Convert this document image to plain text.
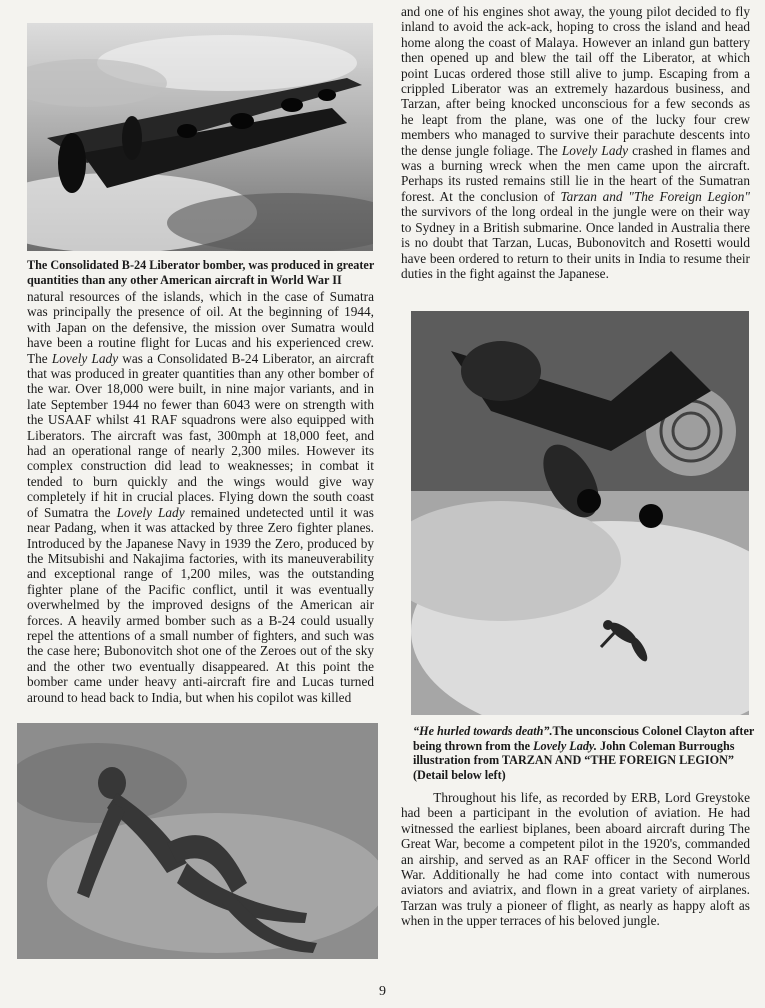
The Consolidated B-24 Liberator bomber, was produced in greater
quantities than any other American aircraft in World War II

natural resources of the islands, which in the case of Sumatra
was principally the presence of oil. At the beginning of 1944,
with Japan on the defensive, the mission over Sumatra would
have been a routine flight for Lucas and his experienced crew.
The Lovely Lady was a Consolidated B-24 Liberator, an aircraft
that was produced in greater quantities than any other bomber of
the war. Over 18,000 were built, in nine major variants, and in
late September 1944 no fewer than 6043 were on strength with
the USAAF whilst 41 RAF squadrons were also equipped with
Liberators. The aircraft was fast, 300mph at 18,000 feet, and
had an operational range of nearly 2,300 miles. However its
complex construction did lead to weaknesses; in combat it
tended to burn quickly and the wings would give way
completely if hit in crucial places. Flying down the south coast
of Sumatra the Lovely Lady remained undetected until it was
near Padang, when it was attacked by three Zero fighter planes.
Introduced by the Japanese Navy in 1939 the Zero, produced by
the Mitsubishi and Nakajima factories, with its maneuverability
and exceptional range of 1,200 miles, was the outstanding
fighter plane of the Pacific conflict, until it was eventually
overwhelmed by the improved designs of the American air
forces. A heavily armed bomber such as a B-24 could usually
repel the attentions of a small number of fighters, and such was
the case here; Bubonovitch shot one of the Zeroes out of the sky
and the other two eventually disappeared. At this point the
bomber came under heavy anti-aircraft fire and Lucas turned
around to head back to India, but when his copilot was killed
and one of his engines shot away, the young pilot decided to fly
inland to avoid the ack-ack, hoping to cross the island and head
home along the coast of Malaya. However an inland gun battery
then opened up and blew the tail off the Liberator, at which
point Lucas ordered those still alive to jump. Escaping from a
crippled Liberator was an extremely hazardous business, and
Tarzan, after being knocked unconscious for a few seconds as
he leapt from the plane, was one of the lucky four crew
members who managed to survive their parachute descents into
the dense jungle foliage. The Lovely Lady crashed in flames and
was a burning wreck when the men came upon the aircraft.
Perhaps its rusted remains still lie in the heart of the Sumatran
forest. At the conclusion of Tarzan and "The Foreign Legion"
the survivors of the long ordeal in the jungle were on their way
to Sydney in a British submarine. Once landed in Australia there
is no doubt that Tarzan, Lucas, Bubonovitch and Rosetti would
have been ordered to return to their units in India to resume their
duties in the fight against the Japanese.

“He hurled towards death”.The unconscious Colonel Clayton after
being thrown from the Lovely Lady. John Coleman Burroughs
illustration from TARZAN AND “THE FOREIGN LEGION”
(Detail below left)

Throughout his life, as recorded by ERB, Lord Greystoke
had been a participant in the evolution of aviation. He had
witnessed the earliest biplanes, been aboard aircraft during The
Great War, become a competent pilot in the 1920's, commanded
an airship, and served as an RAF officer in the Second World
War. Additionally he had come into contact with numerous
aviators and aviatrix, and flown in a great variety of airplanes.
Tarzan was truly a pioneer of flight, as nearly as happy aloft as
when in the upper terraces of his beloved jungle.
9
